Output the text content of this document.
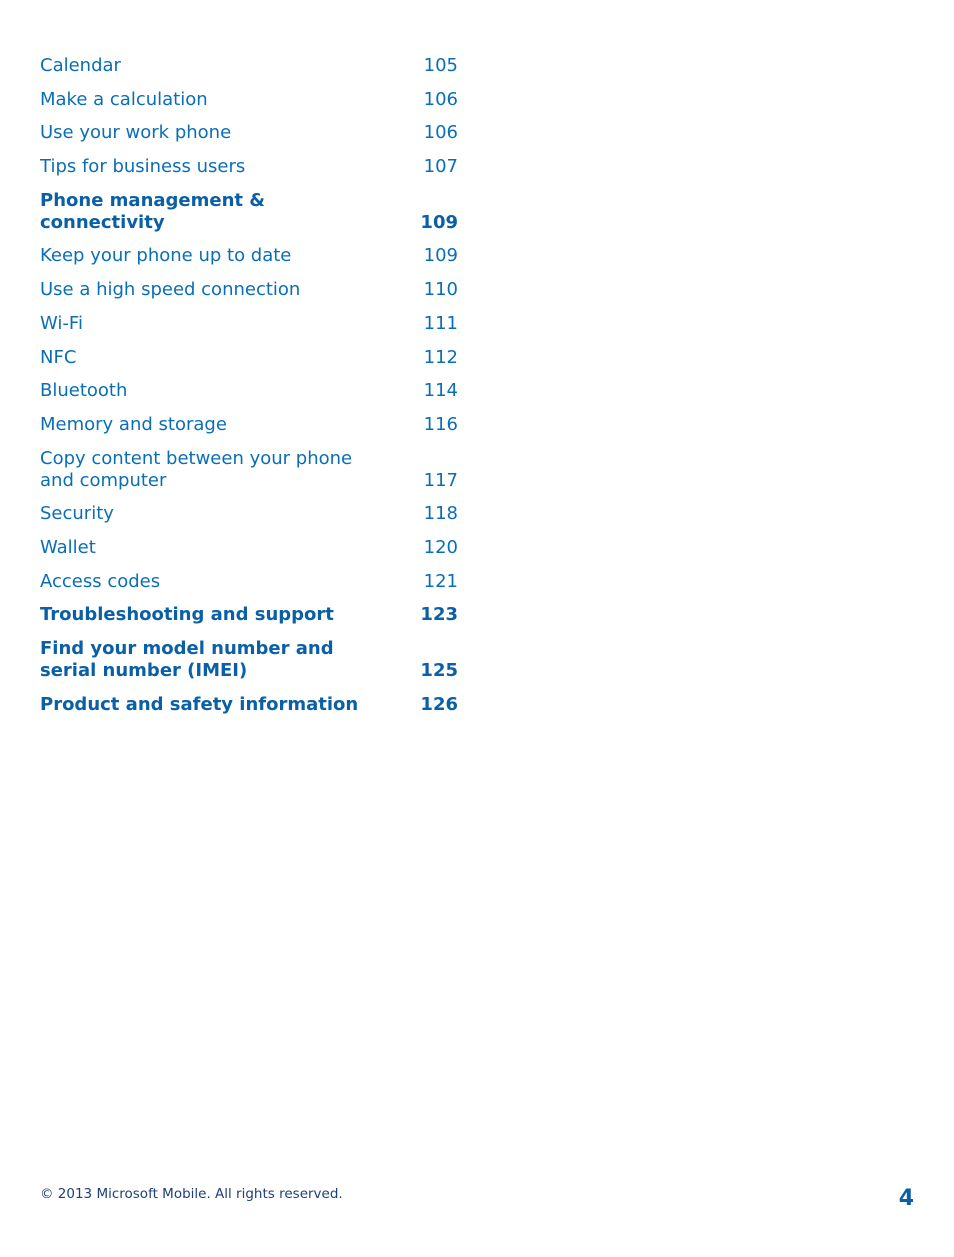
Calendar	105
Make a calculation	106
Use your work phone	106
Tips for business users	107
Phone management & connectivity	109
Keep your phone up to date	109
Use a high speed connection	110
Wi-Fi	111
NFC	112
Bluetooth	114
Memory and storage	116
Copy content between your phone and computer	117
Security	118
Wallet	120
Access codes	121
Troubleshooting and support	123
Find your model number and serial number (IMEI)	125
Product and safety information	126
© 2013 Microsoft Mobile. All rights reserved.	4
